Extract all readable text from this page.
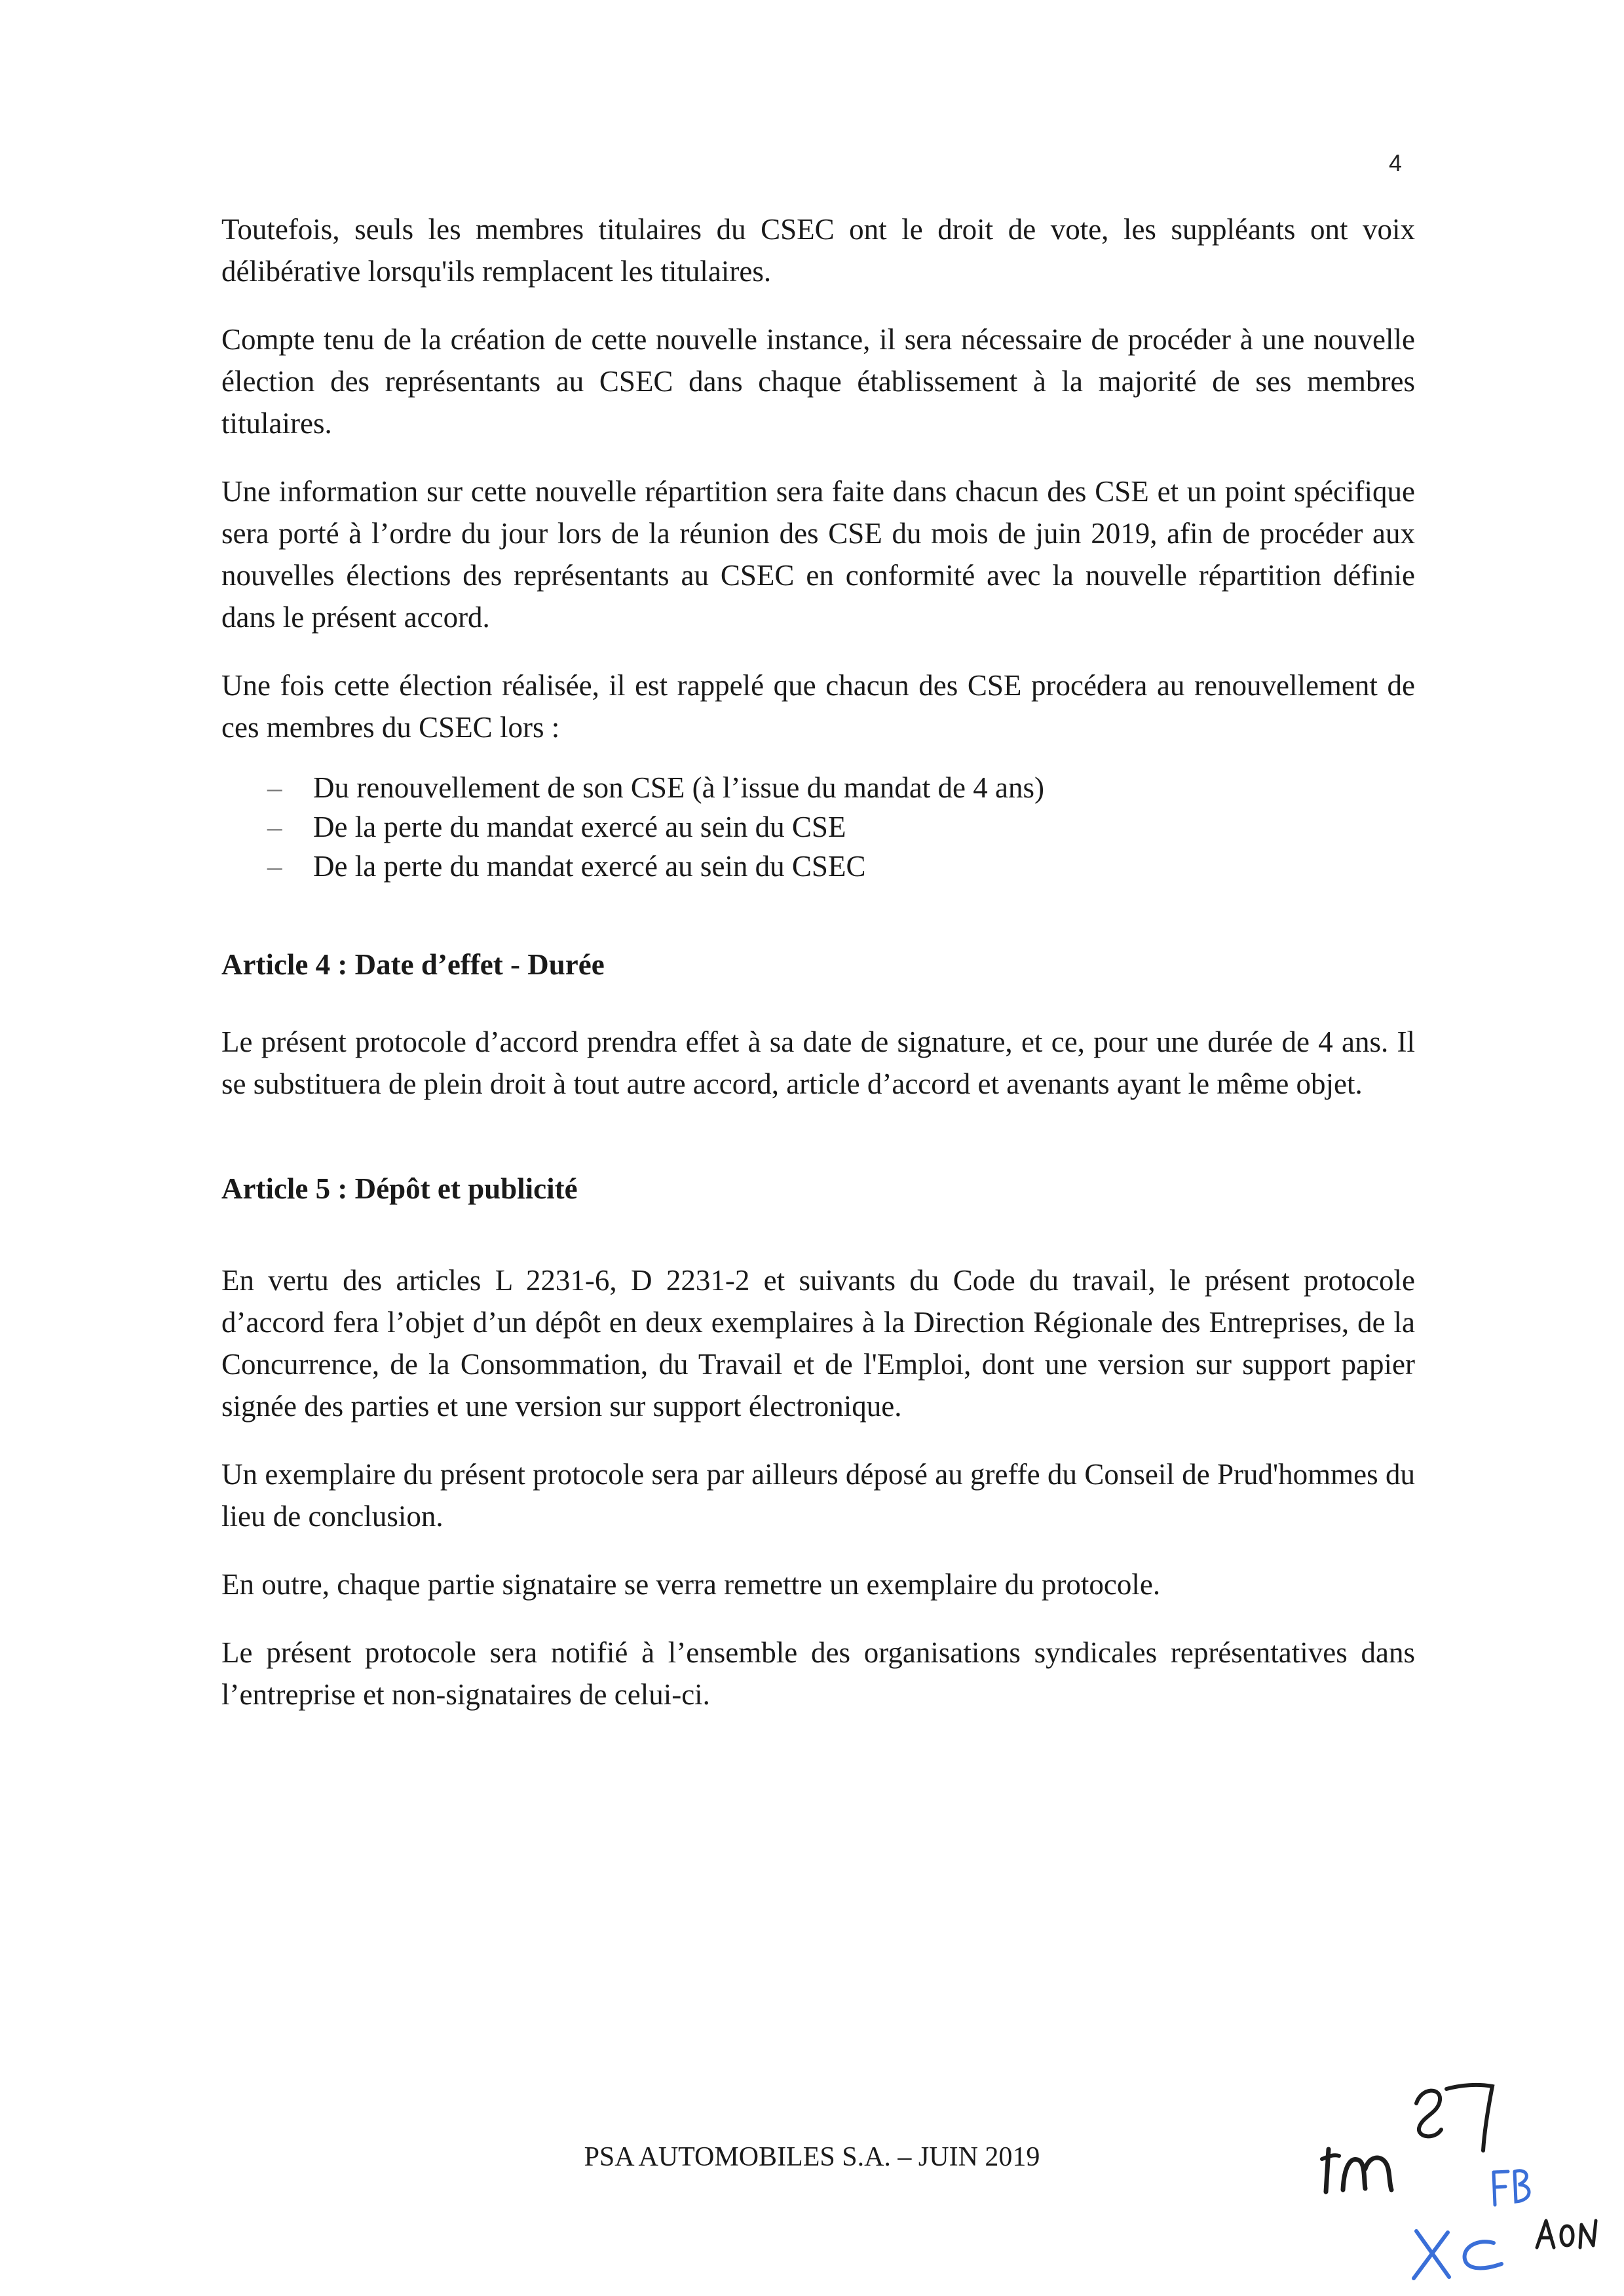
4

Toutefois, seuls les membres titulaires du CSEC ont le droit de vote, les suppléants ont voix délibérative lorsqu'ils remplacent les titulaires.

Compte tenu de la création de cette nouvelle instance, il sera nécessaire de procéder à une nouvelle élection des représentants au CSEC dans chaque établissement à la majorité de ses membres titulaires.

Une information sur cette nouvelle répartition sera faite dans chacun des CSE et un point spécifique sera porté à l’ordre du jour lors de la réunion des CSE du mois de juin 2019, afin de procéder aux nouvelles élections des représentants au CSEC en conformité avec la nouvelle répartition définie dans le présent accord.

Une fois cette élection réalisée, il est rappelé que chacun des CSE procédera au renouvellement de ces membres du CSEC lors :

– Du renouvellement de son CSE (à l’issue du mandat de 4 ans)
– De la perte du mandat exercé au sein du CSE
– De la perte du mandat exercé au sein du CSEC

Article 4 : Date d’effet - Durée

Le présent protocole d’accord prendra effet à sa date de signature, et ce, pour une durée de 4 ans. Il se substituera de plein droit à tout autre accord, article d’accord et avenants ayant le même objet.

Article 5 : Dépôt et publicité

En vertu des articles L 2231-6, D 2231-2 et suivants du Code du travail, le présent protocole d’accord fera l’objet d’un dépôt en deux exemplaires à la Direction Régionale des Entreprises, de la Concurrence, de la Consommation, du Travail et de l'Emploi, dont une version sur support papier signée des parties et une version sur support électronique.

Un exemplaire du présent protocole sera par ailleurs déposé au greffe du Conseil de Prud'hommes du lieu de conclusion.

En outre, chaque partie signataire se verra remettre un exemplaire du protocole.

Le présent protocole sera notifié à l’ensemble des organisations syndicales représentatives dans l’entreprise et non-signataires de celui-ci.

PSA AUTOMOBILES S.A. – JUIN 2019
